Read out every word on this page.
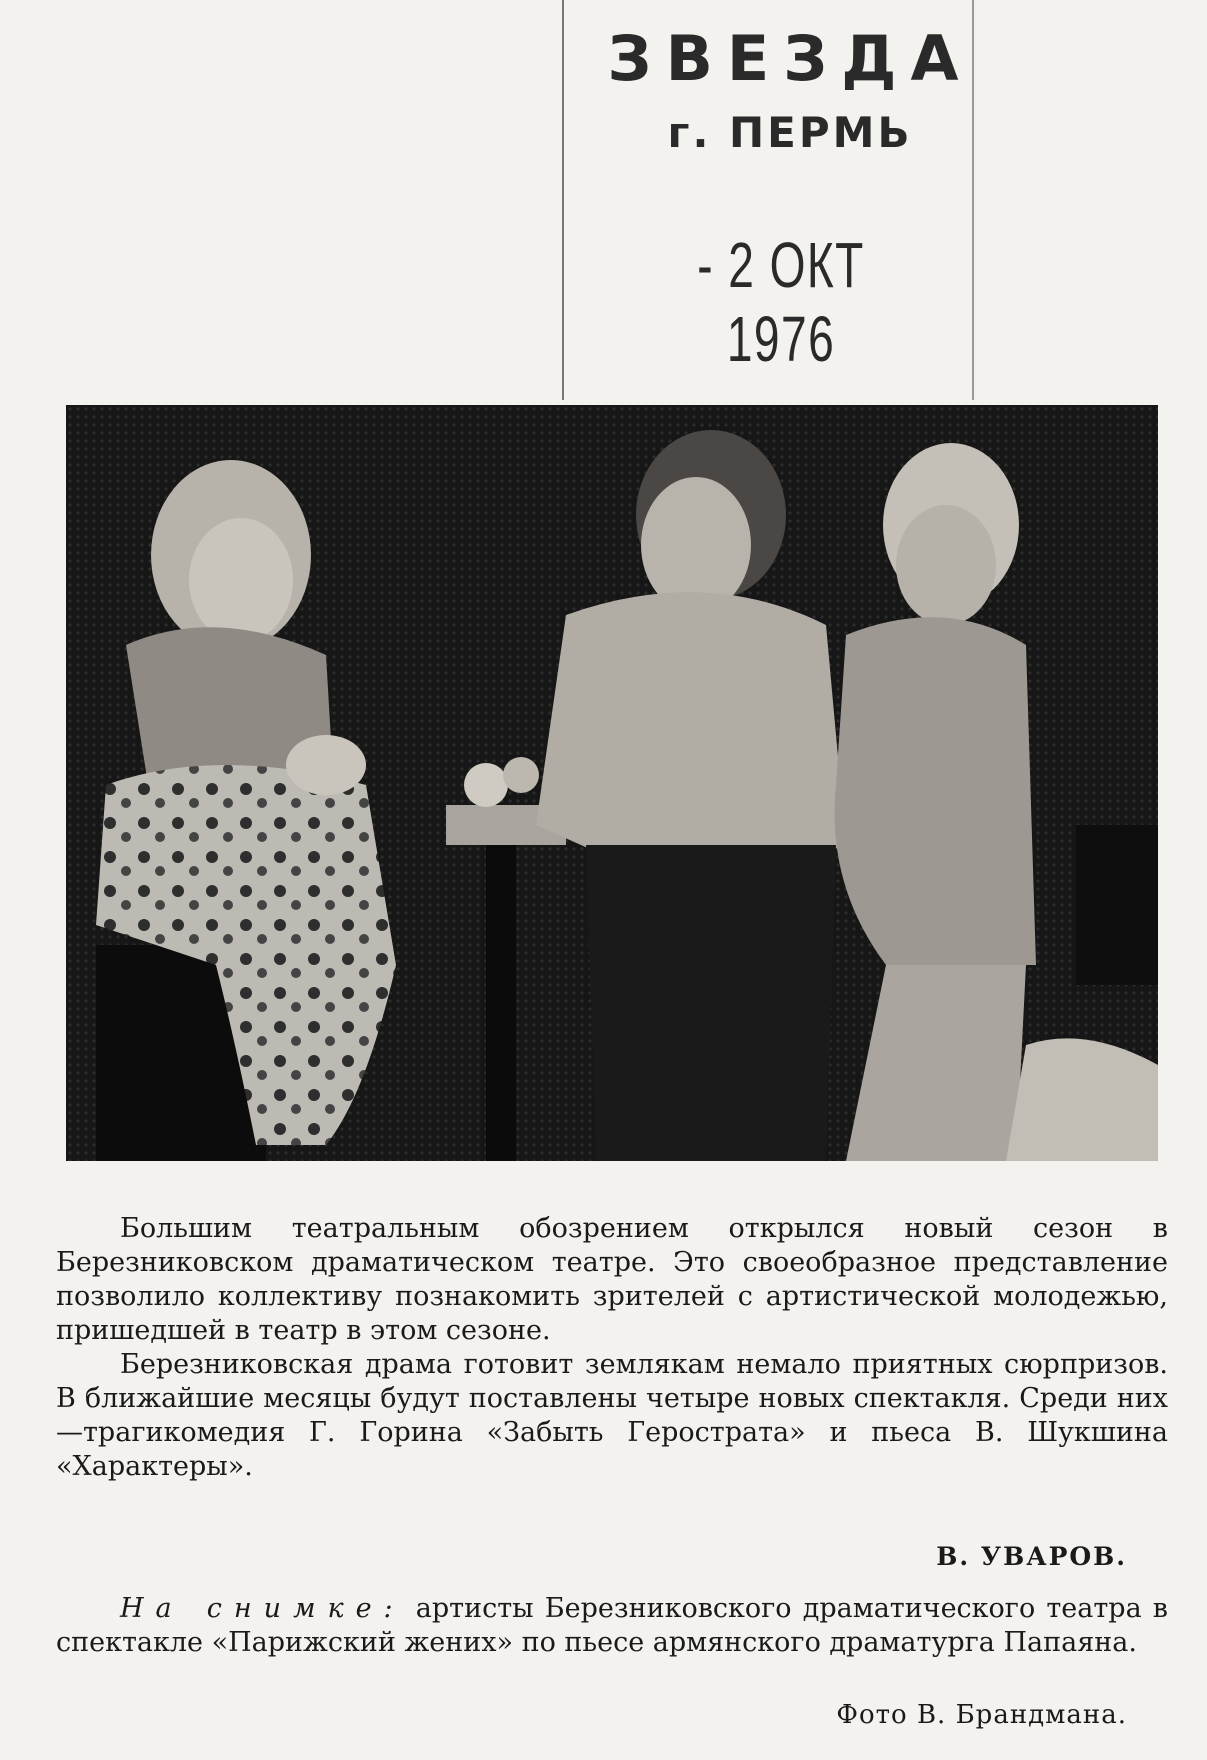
ЗВЕЗДА
г. ПЕРМЬ
- 2 ОКТ 1976

Большим театральным обозрением открылся новый сезон в Березниковском драматическом театре. Это своеобразное представление позволило коллективу познакомить зрителей с артистической молодежью, пришедшей в театр в этом сезоне.

Березниковская драма готовит землякам немало приятных сюрпризов. В ближайшие месяцы будут поставлены четыре новых спектакля. Среди них—трагикомедия Г. Горина «Забыть Герострата» и пьеса В. Шукшина «Характеры».

В. УВАРОВ.
На снимке: артисты Березниковского драматического театра в спектакле «Парижский жених» по пьесе армянского драматурга Папаяна.
Фото В. Брандмана.
